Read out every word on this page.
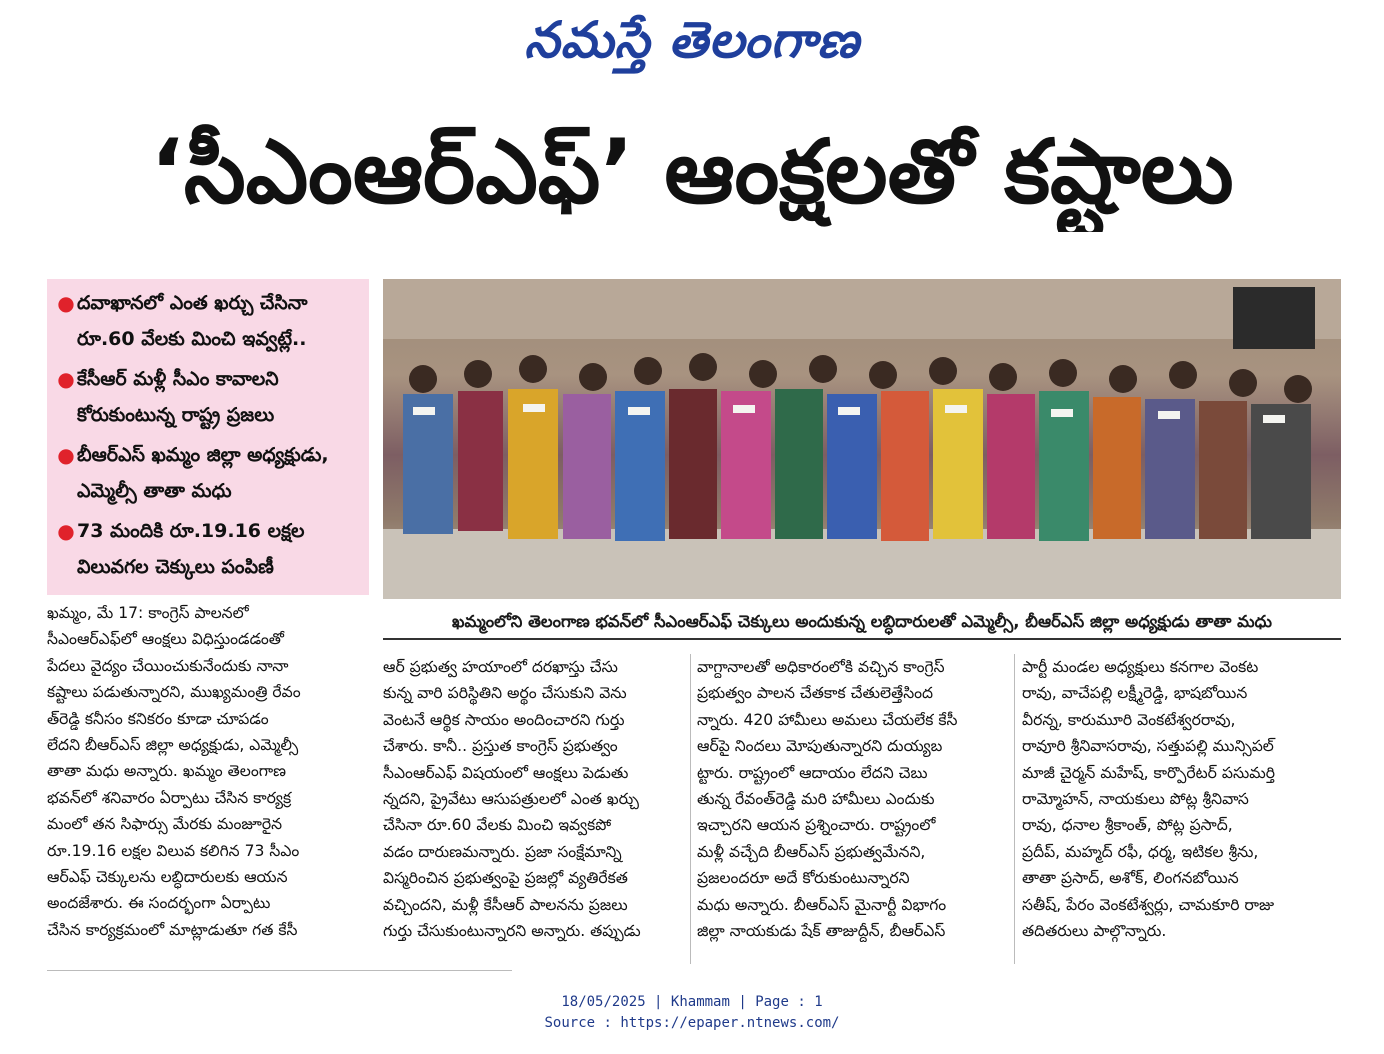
నమస్తే తెలంగాణ
‘సీఎంఆర్ఎఫ్’ ఆంక్షలతో కష్టాలు
● దవాఖానలో ఎంత ఖర్చు చేసినా రూ.60 వేలకు మించి ఇవ్వట్లే..
● కేసీఆర్ మళ్లీ సీఎం కావాలని కోరుకుంటున్న రాష్ట్ర ప్రజలు
● బీఆర్ఎస్ ఖమ్మం జిల్లా అధ్యక్షుడు, ఎమ్మెల్సీ తాతా మధు
● 73 మందికి రూ.19.16 లక్షల విలువగల చెక్కులు పంపిణీ
ఖమ్మంలోని తెలంగాణ భవన్‌లో సీఎంఆర్ఎఫ్ చెక్కులు అందుకున్న లబ్ధిదారులతో ఎమ్మెల్సీ, బీఆర్ఎస్ జిల్లా అధ్యక్షుడు తాతా మధు

ఖమ్మం, మే 17: కాంగ్రెస్ పాలనలో

సీఎంఆర్ఎఫ్‌లో ఆంక్షలు విధిస్తుండడంతో

పేదలు వైద్యం చేయించుకునేందుకు నానా

కష్టాలు పడుతున్నారని, ముఖ్యమంత్రి రేవం

త్‌రెడ్డి కనీసం కనికరం కూడా చూపడం

లేదని బీఆర్ఎస్ జిల్లా అధ్యక్షుడు, ఎమ్మెల్సీ

తాతా మధు అన్నారు. ఖమ్మం తెలంగాణ

భవన్‌లో శనివారం ఏర్పాటు చేసిన కార్యక్ర

మంలో తన సిఫార్సు మేరకు మంజూరైన

రూ.19.16 లక్షల విలువ కలిగిన 73 సీఎం

ఆర్ఎఫ్ చెక్కులను లబ్ధిదారులకు ఆయన

అందజేశారు. ఈ సందర్భంగా ఏర్పాటు

చేసిన కార్యక్రమంలో మాట్లాడుతూ గత కేసీ

ఆర్ ప్రభుత్వ హయాంలో దరఖాస్తు చేసు

కున్న వారి పరిస్థితిని అర్థం చేసుకుని వెను

వెంటనే ఆర్థిక సాయం అందించారని గుర్తు

చేశారు. కానీ.. ప్రస్తుత కాంగ్రెస్ ప్రభుత్వం

సీఎంఆర్ఎఫ్ విషయంలో ఆంక్షలు పెడుతు

న్నదని, ప్రైవేటు ఆసుపత్రులలో ఎంత ఖర్చు

చేసినా రూ.60 వేలకు మించి ఇవ్వకపో

వడం దారుణమన్నారు. ప్రజా సంక్షేమాన్ని

విస్మరించిన ప్రభుత్వంపై ప్రజల్లో వ్యతిరేకత

వచ్చిందని, మళ్లీ కేసీఆర్ పాలనను ప్రజలు

గుర్తు చేసుకుంటున్నారని అన్నారు. తప్పుడు

వాగ్దానాలతో అధికారంలోకి వచ్చిన కాంగ్రెస్

ప్రభుత్వం పాలన చేతకాక చేతులెత్తేసింద

న్నారు. 420 హామీలు అమలు చేయలేక కేసీ

ఆర్‌పై నిందలు మోపుతున్నారని దుయ్యబ

ట్టారు. రాష్ట్రంలో ఆదాయం లేదని చెబు

తున్న రేవంత్‌రెడ్డి మరి హామీలు ఎందుకు

ఇచ్చారని ఆయన ప్రశ్నించారు. రాష్ట్రంలో

మళ్లీ వచ్చేది బీఆర్ఎస్ ప్రభుత్వమేనని,

ప్రజలందరూ అదే కోరుకుంటున్నారని

మధు అన్నారు. బీఆర్ఎస్ మైనార్టీ విభాగం

జిల్లా నాయకుడు షేక్ తాజుద్దీన్, బీఆర్ఎస్

పార్టీ మండల అధ్యక్షులు కనగాల వెంకట

రావు, వాచేపల్లి లక్ష్మీరెడ్డి, భాషబోయిన

వీరన్న, కారుమూరి వెంకటేశ్వరరావు,

రావూరి శ్రీనివాసరావు, సత్తుపల్లి మున్సిపల్

మాజీ చైర్మన్ మహేష్, కార్పొరేటర్ పసుమర్తి

రామ్మోహన్, నాయకులు పోట్ల శ్రీనివాస

రావు, ధనాల శ్రీకాంత్, పోట్ల ప్రసాద్,

ప్రదీప్, మహ్మద్ రఫీ, ధర్మ, ఇటికల శ్రీను,

తాతా ప్రసాద్, అశోక్, లింగనబోయిన

సతీష్, పేరం వెంకటేశ్వర్లు, చామకూరి రాజు

తదితరులు పాల్గొన్నారు.

18/05/2025 | Khammam | Page : 1
Source : https://epaper.ntnews.com/
